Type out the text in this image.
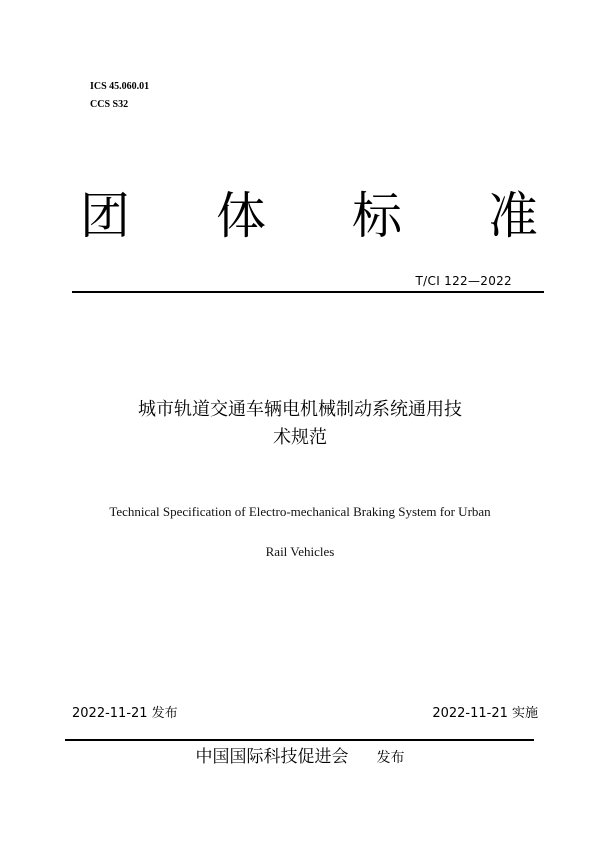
ICS 45.060.01
CCS S32
团 体 标 准
T/CI 122—2022
城市轨道交通车辆电机械制动系统通用技
术规范
Technical Specification of Electro-mechanical Braking System for Urban
Rail Vehicles
2022-11-21 发布	2022-11-21 实施
中国国际科技促进会 发布
